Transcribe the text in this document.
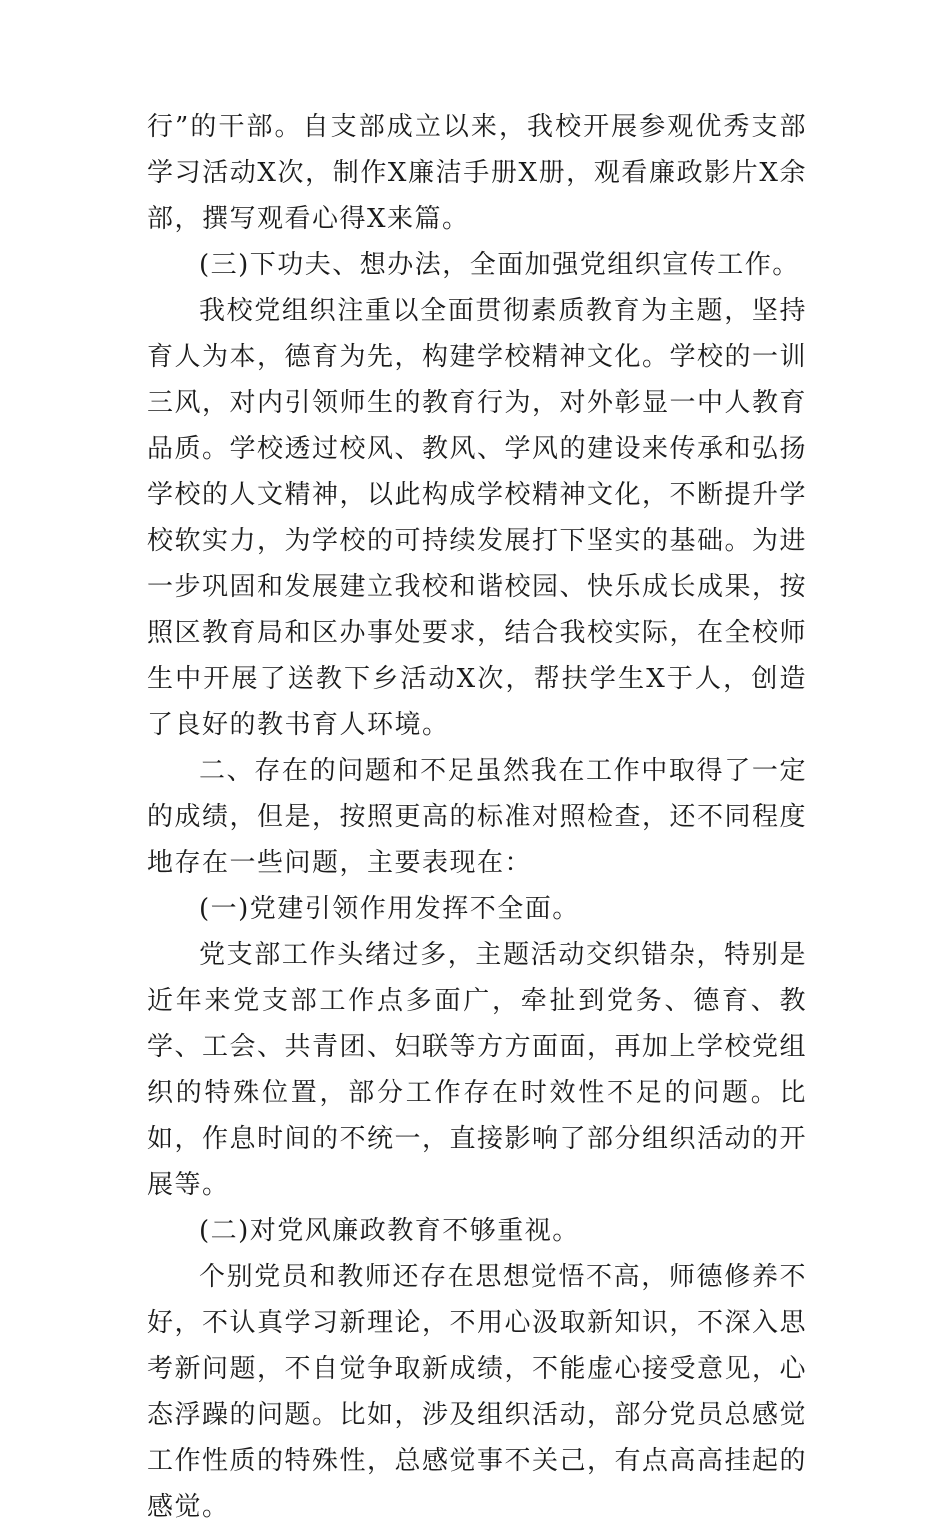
行”的干部。自支部成立以来，我校开展参观优秀支部学习活动X次，制作X廉洁手册X册，观看廉政影片X余部，撰写观看心得X来篇。

(三)下功夫、想办法，全面加强党组织宣传工作。

我校党组织注重以全面贯彻素质教育为主题，坚持育人为本，德育为先，构建学校精神文化。学校的一训三风，对内引领师生的教育行为，对外彰显一中人教育品质。学校透过校风、教风、学风的建设来传承和弘扬学校的人文精神，以此构成学校精神文化，不断提升学校软实力，为学校的可持续发展打下坚实的基础。为进一步巩固和发展建立我校和谐校园、快乐成长成果，按照区教育局和区办事处要求，结合我校实际，在全校师生中开展了送教下乡活动X次，帮扶学生X于人，创造了良好的教书育人环境。

二、存在的问题和不足虽然我在工作中取得了一定的成绩，但是，按照更高的标准对照检查，还不同程度地存在一些问题，主要表现在：

(一)党建引领作用发挥不全面。

党支部工作头绪过多，主题活动交织错杂，特别是近年来党支部工作点多面广，牵扯到党务、德育、教学、工会、共青团、妇联等方方面面，再加上学校党组织的特殊位置，部分工作存在时效性不足的问题。比如，作息时间的不统一，直接影响了部分组织活动的开展等。

(二)对党风廉政教育不够重视。

个别党员和教师还存在思想觉悟不高，师德修养不好，不认真学习新理论，不用心汲取新知识，不深入思考新问题，不自觉争取新成绩，不能虚心接受意见，心态浮躁的问题。比如，涉及组织活动，部分党员总感觉工作性质的特殊性，总感觉事不关己，有点高高挂起的感觉。
